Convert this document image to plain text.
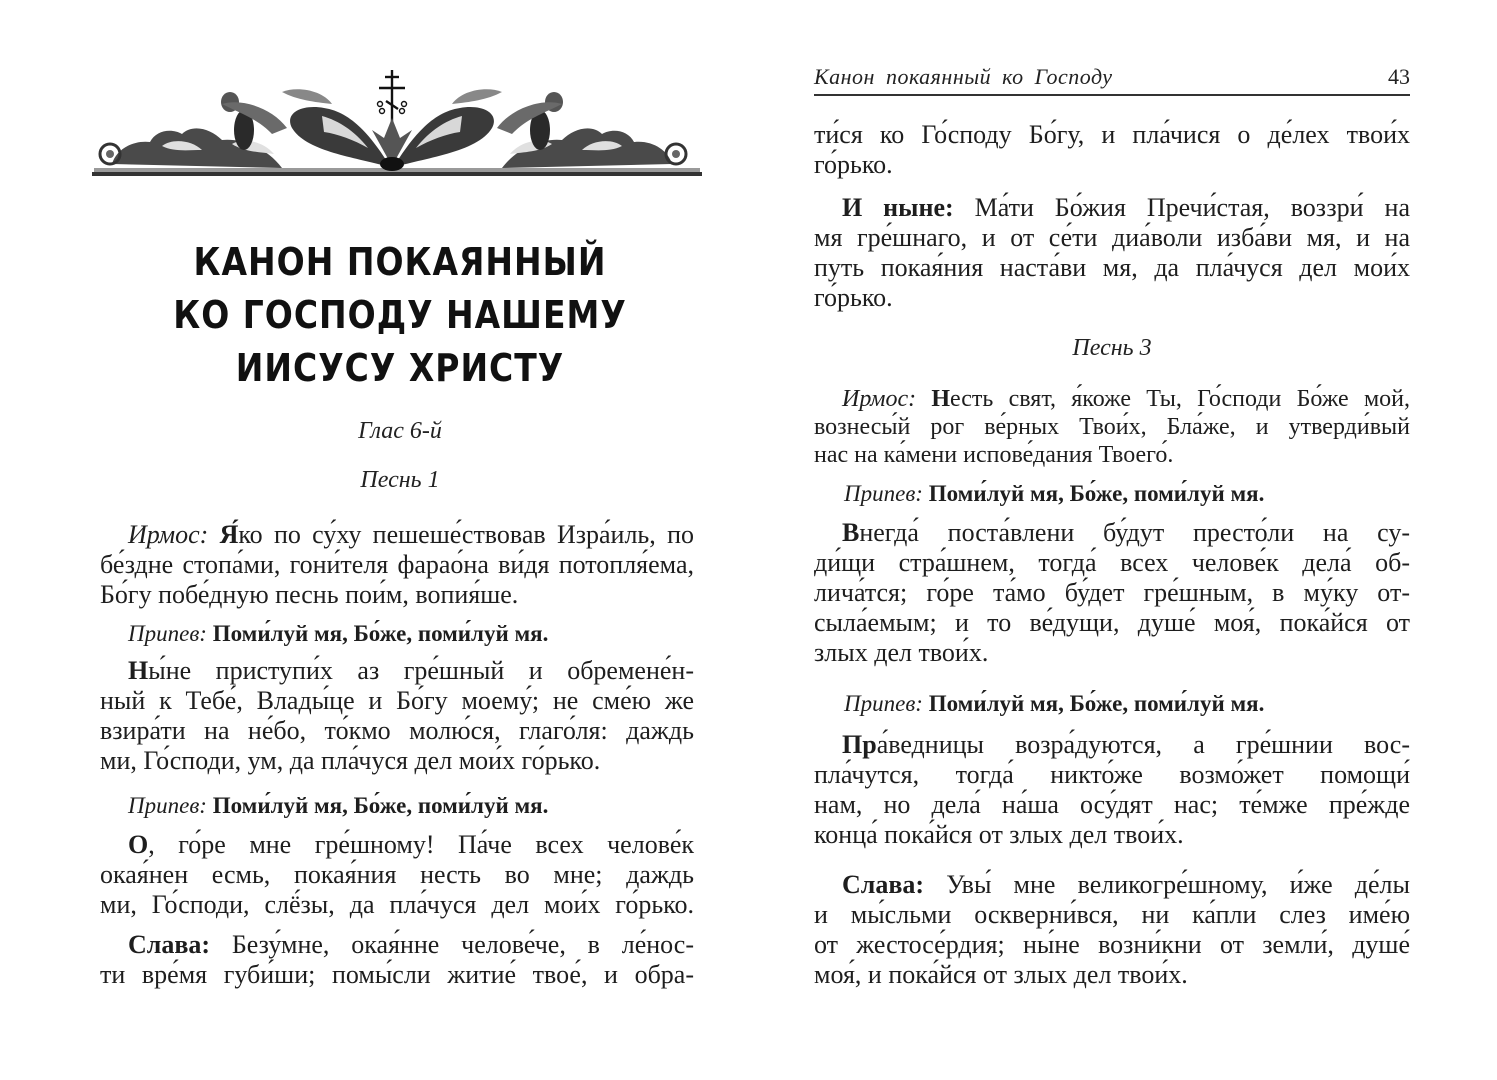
КАНОН ПОКАЯННЫЙ
КО ГОСПОДУ НАШЕМУ
ИИСУСУ ХРИСТУ
Глас 6-й
Песнь 1
Ирмос: Я́ко по су́ху пешеше́ствовав Изра́иль, по
бе́здне стопа́ми, гони́теля фарао́на ви́дя потопля́ема,
Бо́гу побе́дную песнь пои́м, вопия́ше.
Припев: Поми́луй мя, Бо́же, поми́луй мя.
Ны́не приступи́х аз гре́шный и обремене́н-
ный к Тебе́, Влады́це и Бо́гу моему́; не сме́ю же
взира́ти на не́бо, то́кмо молю́ся, глаго́ля: даждь
ми, Го́споди, ум, да пла́чуся дел мои́х го́рько.
Припев: Поми́луй мя, Бо́же, поми́луй мя.
О, го́ре мне гре́шному! Па́че всех челове́к
окая́нен есмь, покая́ния несть во мне; даждь
ми, Го́споди, слё́зы, да пла́чуся дел мои́х го́рько.
Слава: Безу́мне, окая́нне челове́че, в ле́нос-
ти вре́мя губи́ши; помы́сли житие́ твое́, и обра-
Канон покаянный ко Господу	43
ти́ся ко Го́споду Бо́гу, и пла́чися о де́лех твои́х
го́рько.
И ныне: Ма́ти Бо́жия Пречи́стая, воззри́ на
мя гре́шнаго, и от се́ти диа́воли изба́ви мя, и на
путь покая́ния наста́ви мя, да пла́чуся дел мои́х
го́рько.
Песнь 3
Ирмос: Несть свят, я́коже Ты, Го́споди Бо́же мой,
вознесы́й рог ве́рных Твои́х, Бла́же, и утверди́вый
нас на ка́мени испове́дания Твоего́.
Припев: Поми́луй мя, Бо́же, поми́луй мя.
Внегда́ поста́влени бу́дут престо́ли на су-
ди́щи стра́шнем, тогда́ всех челове́к дела́ об-
лича́тся; го́ре та́мо бу́дет гре́шным, в му́ку от-
сыла́емым; и то ве́дущи, душе́ моя́, пока́йся от
злых дел твои́х.
Припев: Поми́луй мя, Бо́же, поми́луй мя.
Пра́ведницы возра́дуются, а гре́шнии вос-
пла́чутся, тогда́ никто́же возмо́жет помощи́
нам, но дела́ на́ша осу́дят нас; те́мже пре́жде
конца́ пока́йся от злых дел твои́х.
Слава: Увы́ мне великогре́шному, и́же де́лы
и мы́сльми оскверни́вся, ни ка́пли слез име́ю
от жестосе́рдия; ны́не возни́кни от земли́, душе́
моя́, и пока́йся от злых дел твои́х.
